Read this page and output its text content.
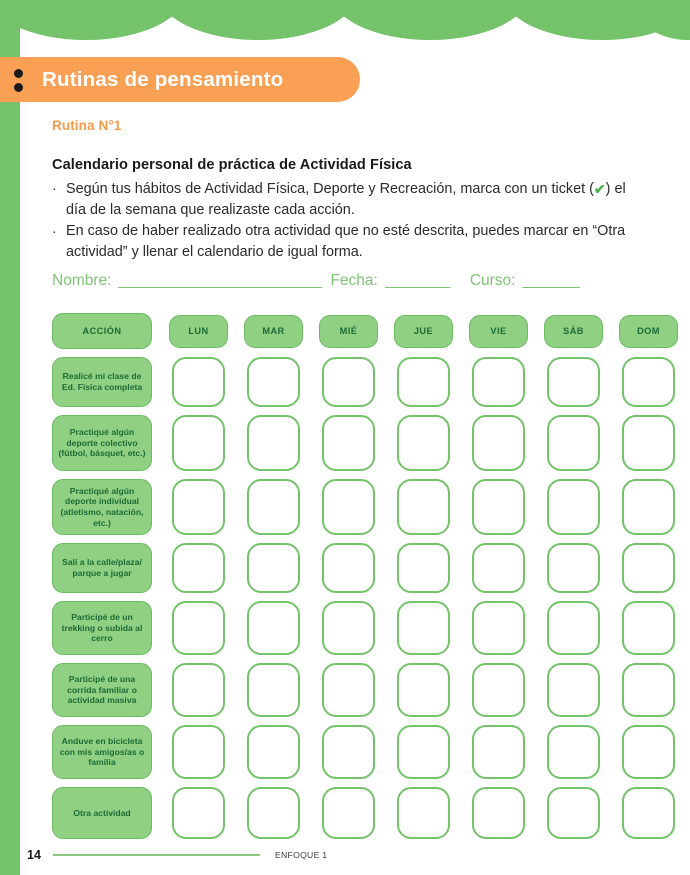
Rutinas de pensamiento
Rutina N°1
Calendario personal de práctica de Actividad Física
· Según tus hábitos de Actividad Física, Deporte y Recreación, marca con un ticket (✔) el día de la semana que realizaste cada acción.
· En caso de haber realizado otra actividad que no esté descrita, puedes marcar en “Otra actividad” y llenar el calendario de igual forma.
Nombre: _________________________ Fecha: ________	Curso: _______
ACCIÓN	LUN	MAR	MIÉ	JUE	VIE	SÁB	DOM
Realicé mi clase de Ed. Física completa
Practiqué algún deporte colectivo (fútbol, básquet, etc.)
Practiqué algún deporte individual (atletismo, natación, etc.)
Salí a la calle/plaza/ parque a jugar
Participé de un trekking o subida al cerro
Participé de una corrida familiar o actividad masiva
Anduve en bicicleta con mis amigos/as o familia
Otra actividad
14	ENFOQUE 1
